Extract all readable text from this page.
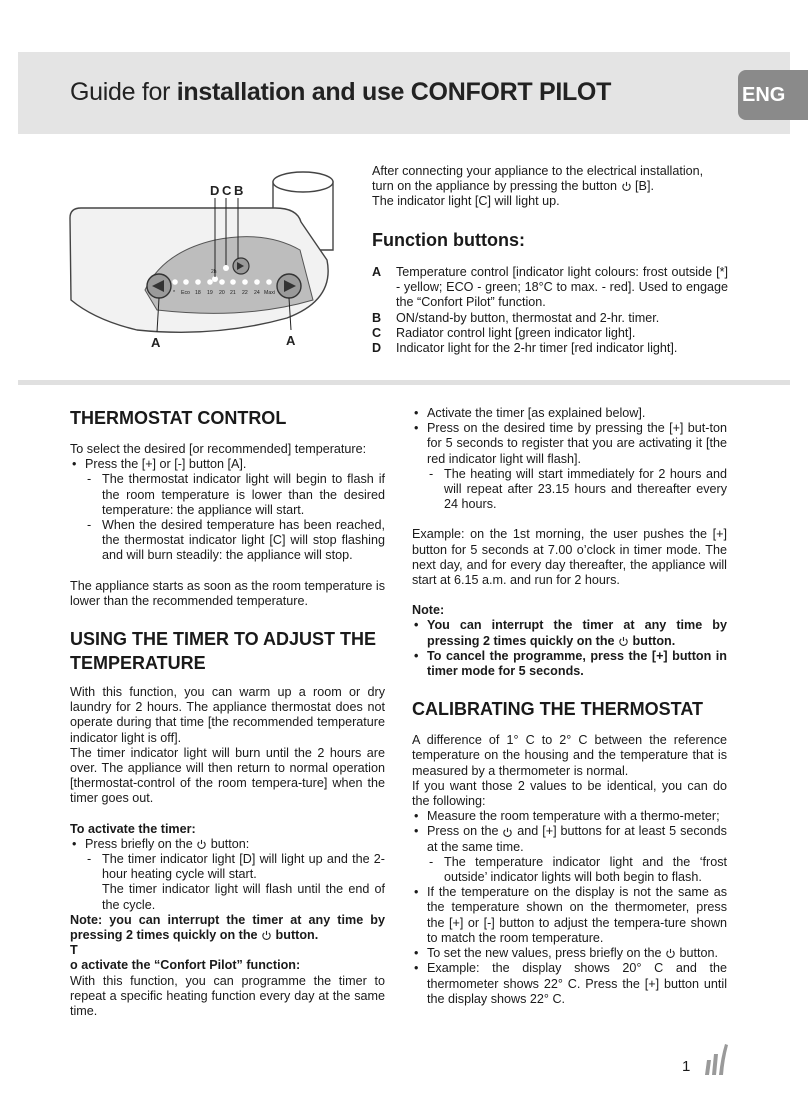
Guide for installation and use CONFORT PILOT	ENG
2h
* Eco 18 19 20 21 22 24 Maxi
D C B
A	A
After connecting your appliance to the electrical installation, turn on the appliance by pressing the button  [B].
The indicator light [C] will light up.
Function buttons:
A Temperature control [indicator light colours: frost outside [*] - yellow; ECO - green; 18°C to max. - red]. Used to engage the “Confort Pilot” function.
B ON/stand-by button, thermostat and 2-hr. timer.
C Radiator control light [green indicator light].
D Indicator light for the 2-hr timer [red indicator light].
THERMOSTAT CONTROL

To select the desired [or recommended] temperature:

• Press the [+] or [-] button [A].
- The thermostat indicator light will begin to flash if the room temperature is lower than the desired temperature: the appliance will start.
- When the desired temperature has been reached, the thermostat indicator light [C] will stop flashing and will burn steadily: the appliance will stop.

The appliance starts as soon as the room temperature is lower than the recommended temperature.

USING THE TIMER TO ADJUST THE TEMPERATURE

With this function, you can warm up a room or dry laundry for 2 hours. The appliance thermostat does not operate during that time [the recommended temperature indicator light is off].

The timer indicator light will burn until the 2 hours are over. The appliance will then return to normal operation [thermostat-control of the room tempera-ture] when the timer goes out.

To activate the timer:

• Press briefly on the  button:
- The timer indicator light [D] will light up and the 2-hour heating cycle will start.
The timer indicator light will flash until the end of the cycle.

Note: you can interrupt the timer at any time by pressing 2 times quickly on the  button.

T

o activate the “Confort Pilot” function:

With this function, you can programme the timer to repeat a specific heating function every day at the same time.

• Activate the timer [as explained below].
• Press on the desired time by pressing the [+] but-ton for 5 seconds to register that you are activating it [the red indicator light will flash].
- The heating will start immediately for 2 hours and will repeat after 23.15 hours and thereafter every 24 hours.

Example: on the 1st morning, the user pushes the [+] button for 5 seconds at 7.00 o’clock in timer mode. The next day, and for every day thereafter, the appliance will start at 6.15 a.m. and run for 2 hours.

Note:

• You can interrupt the timer at any time by pressing 2 times quickly on the  button.
• To cancel the programme, press the [+] button in timer mode for 5 seconds.
CALIBRATING THE THERMOSTAT

A difference of 1° C to 2° C between the reference temperature on the housing and the temperature that is measured by a thermometer is normal.

If you want those 2 values to be identical, you can do the following:

• Measure the room temperature with a thermo-meter;
• Press on the  and [+] buttons for at least 5 seconds at the same time.
- The temperature indicator light and the ‘frost outside’ indicator lights will both begin to flash.
• If the temperature on the display is not the same as the temperature shown on the thermometer, press the [+] or [-] button to adjust the tempera-ture shown to match the room temperature.
• To set the new values, press briefly on the  button.
• Example: the display shows 20° C and the thermometer shows 22° C. Press the [+] button until the display shows 22° C.
1
